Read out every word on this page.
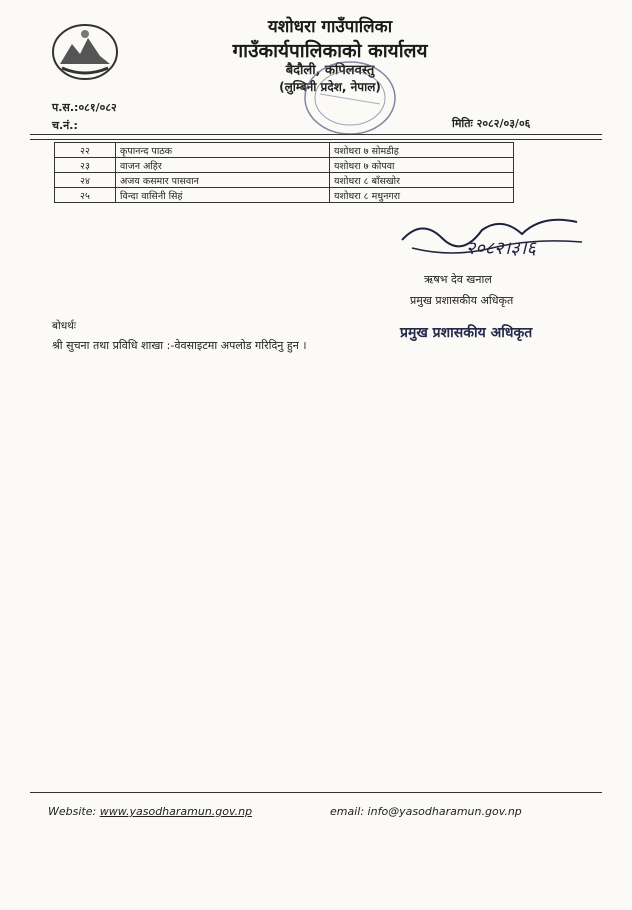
यशोधरा गाउँपालिका
गाउँकार्यपालिकाको कार्यालय
बैदौली, कपिलवस्तु
(लुम्बिनी प्रदेश, नेपाल)
प.स.:०८१/०८२
च.नं.:	मितिः २०८२/०३/०६
२२	कृपानन्द पाठक	यशोधरा ७ सोमडीह
२३	वाजन अहिर	यशोधरा ७ कोपवा
२४	अजय कसमार पासवान	यशोधरा ८ बाँसखोर
२५	विन्दा वासिनी सिहं	यशोधरा ८ मधुनगरा
२०८२।३।६
ऋषभ देव खनाल
प्रमुख प्रशासकीय अधिकृत
प्रमुख प्रशासकीय अधिकृत
बोधर्थः
श्री सुचना तथा प्रविधि शाखा :-वेवसाइटमा अपलोड गरिदिनु हुन ।
Website: www.yasodharamun.gov.np	email: info@yasodharamun.gov.np
